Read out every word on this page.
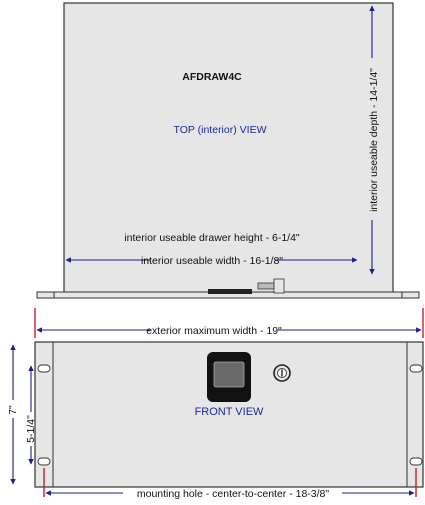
AFDRAW4C
TOP (interior) VIEW
interior useable drawer height - 6-1/4"
interior useable width - 16-1/8"
interior useable depth - 14-1/4"
exterior maximum width - 19"
FRONT VIEW
7"
5-1/4"
mounting hole - center-to-center - 18-3/8"
